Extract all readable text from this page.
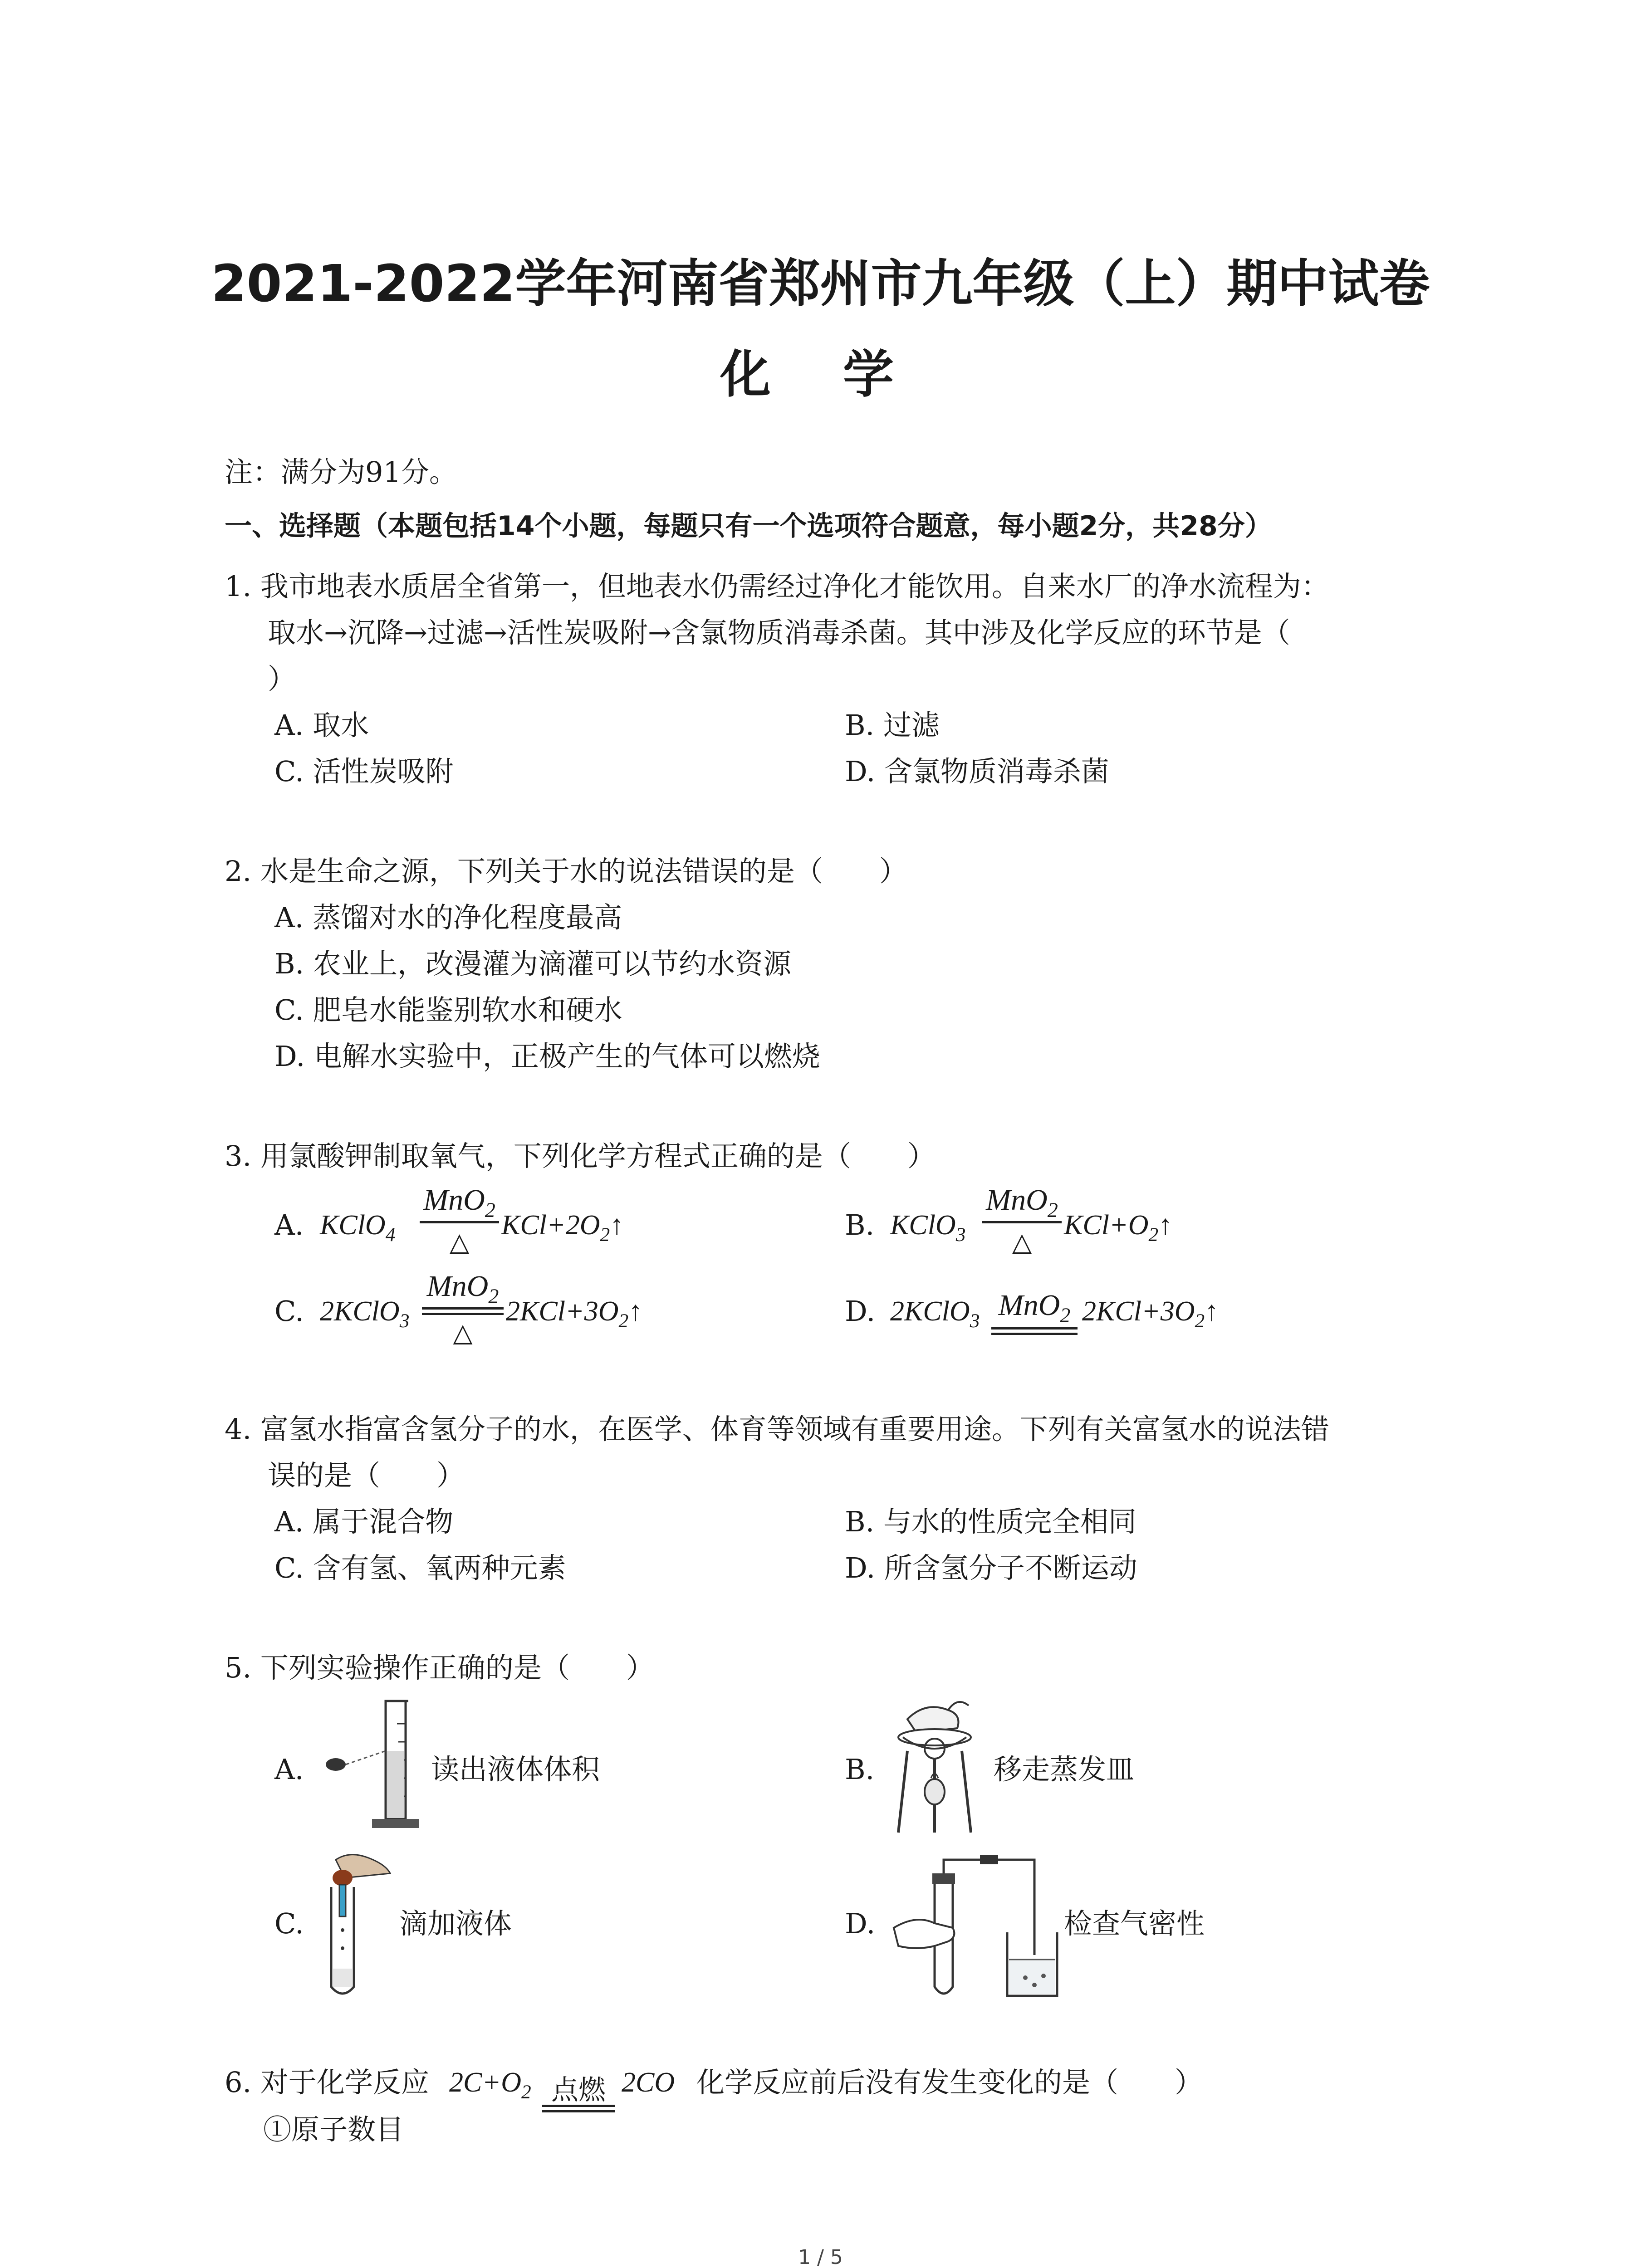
2021-2022学年河南省郑州市九年级（上）期中试卷
化 学
注：满分为91分。
一、选择题（本题包括14个小题，每题只有一个选项符合题意，每小题2分，共28分）
1. 我市地表水质居全省第一，但地表水仍需经过净化才能饮用。自来水厂的净水流程为：
取水→沉降→过滤→活性炭吸附→含氯物质消毒杀菌。其中涉及化学反应的环节是（
）
A. 取水	B. 过滤
C. 活性炭吸附	D. 含氯物质消毒杀菌
2. 水是生命之源，下列关于水的说法错误的是（　　）
A. 蒸馏对水的净化程度最高
B. 农业上，改漫灌为滴灌可以节约水资源
C. 肥皂水能鉴别软水和硬水
D. 电解水实验中，正极产生的气体可以燃烧
3. 用氯酸钾制取氧气，下列化学方程式正确的是（　　）
A. KClO$_4$
MnO$_2$
△
$KCl+2O_2↑$	B. KClO$_3$
MnO$_2$
△
$KCl+O_2↑$
C. 2KClO$_3$
MnO$_2$
△
$2KCl+3O_2↑$	D. 2KClO$_3$ MnO$_2$ $2KCl+3O_2↑$
4. 富氢水指富含氢分子的水，在医学、体育等领域有重要用途。下列有关富氢水的说法错
误的是（　　）
A. 属于混合物	B. 与水的性质完全相同
C. 含有氢、氧两种元素	D. 所含氢分子不断运动
5. 下列实验操作正确的是（　　）
A.	读出液体体积	B.	移走蒸发皿
C.	滴加液体	D.	检查气密性
6. 对于化学反应 $2C+O_2$ 点燃 2CO 化学反应前后没有发生变化的是（　　）
①原子数目
1 / 5
